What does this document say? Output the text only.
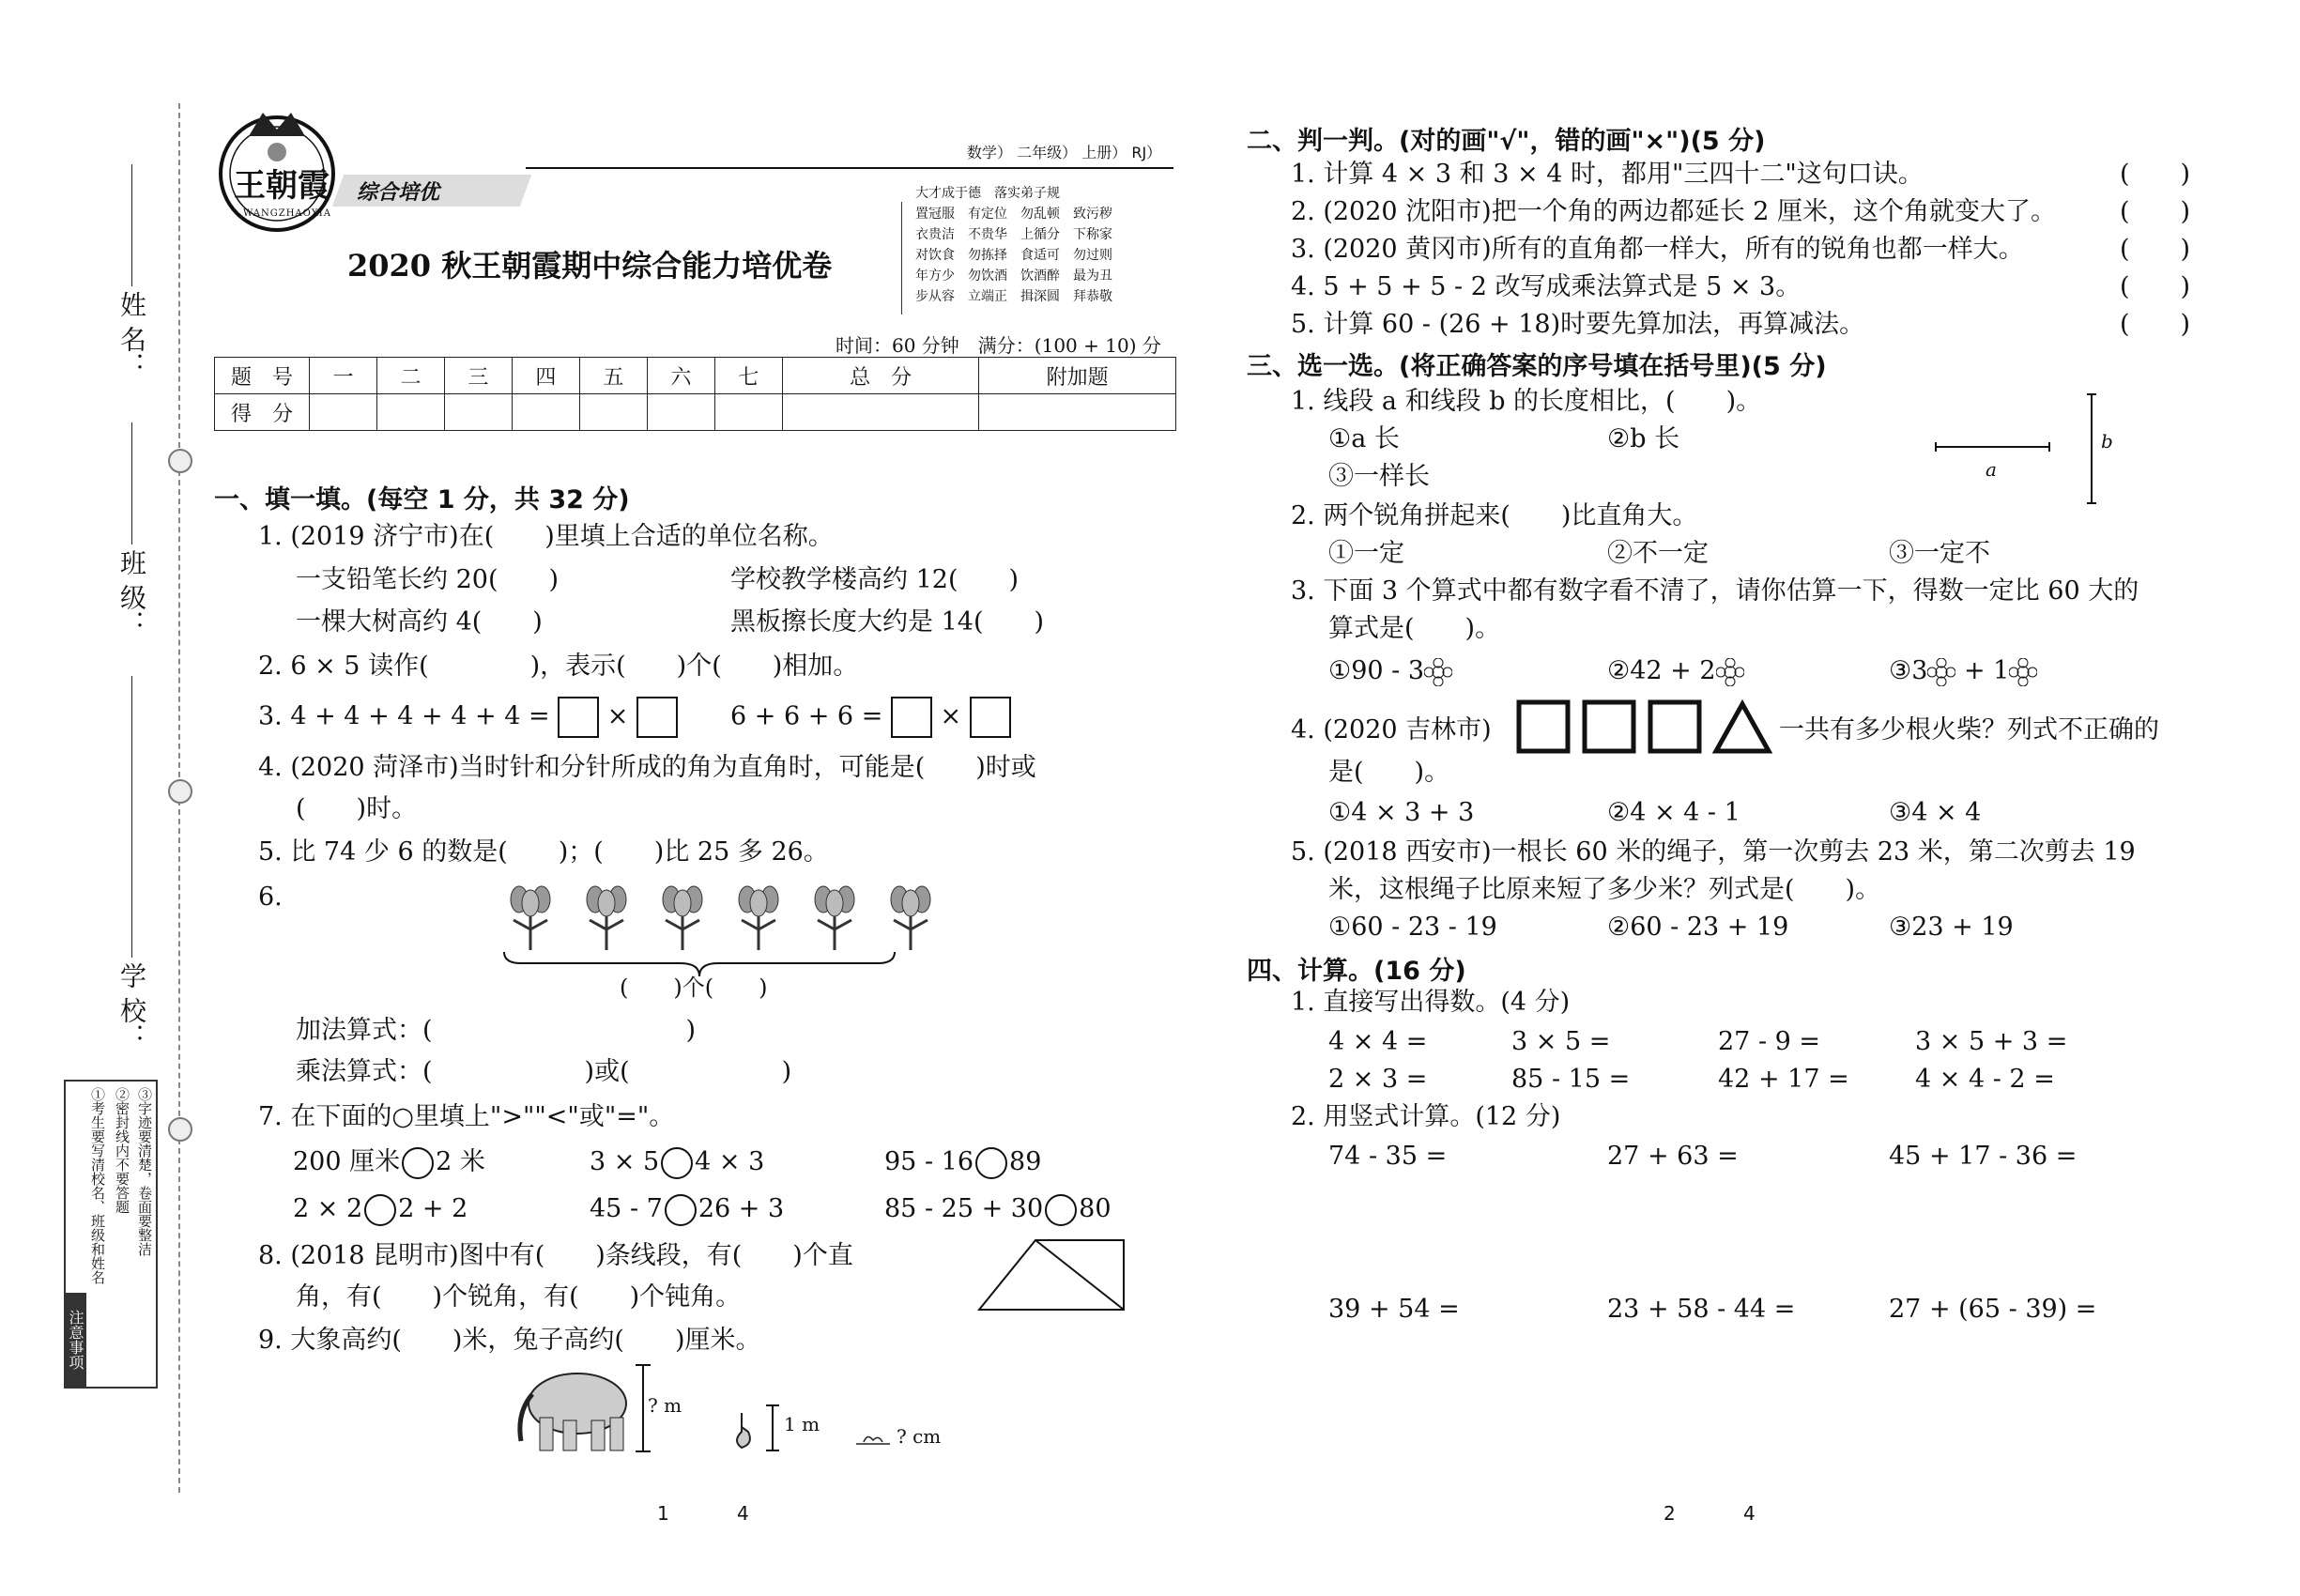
姓 名：
班 级：
学 校：
注意事项
①考生要写清校名、班级和姓名 ②密封线内不要答题 ③字迹要清楚，卷面要整洁
王朝霞
WANGZHAOXIA
综合培优
数学） 二年级） 上册） RJ）
2020 秋王朝霞期中综合能力培优卷
大才成于德　落实弟子规
置冠服　有定位　勿乱顿　致污秽
衣贵洁　不贵华　上循分　下称家
对饮食　勿拣择　食适可　勿过则
年方少　勿饮酒　饮酒醉　最为丑
步从容　立端正　揖深圆　拜恭敬
时间：60 分钟　满分：(100 + 10) 分
题　号	一	二	三	四	五	六	七	总　分	附加题
得　分									
一、填一填。(每空 1 分，共 32 分)
1. (2019 济宁市)在(　　)里填上合适的单位名称。
一支铅笔长约 20(　　)	学校教学楼高约 12(　　)
一棵大树高约 4(　　)	黑板擦长度大约是 14(　　)
2. 6 × 5 读作(　　　　)，表示(　　)个(　　)相加。
3. 4 + 4 + 4 + 4 + 4 = ×	6 + 6 + 6 = ×
4. (2020 菏泽市)当时针和分针所成的角为直角时，可能是(　　)时或
(　　)时。
5. 比 74 少 6 的数是(　　)；(　　)比 25 多 26。
6.

(　　)个(　　)
加法算式：(　　　　　　　　　　)
乘法算式：(　　　　　　)或(　　　　　　)
7. 在下面的○里填上">""<"或"="。
200 厘米 2 米	3 × 5 4 × 3	95 - 16 89
2 × 2 2 + 2	45 - 7 26 + 3	85 - 25 + 30 80
8. (2018 昆明市)图中有(　　)条线段，有(　　)个直
角，有(　　)个锐角，有(　　)个钝角。
9. 大象高约(　　)米，兔子高约(　　)厘米。
? m
1 m
? cm
二、判一判。(对的画"√"，错的画"×")(5 分)
1. 计算 4 × 3 和 3 × 4 时，都用"三四十二"这句口诀。	(　　)
2. (2020 沈阳市)把一个角的两边都延长 2 厘米，这个角就变大了。	(　　)
3. (2020 黄冈市)所有的直角都一样大，所有的锐角也都一样大。	(　　)
4. 5 + 5 + 5 - 2 改写成乘法算式是 5 × 3。	(　　)
5. 计算 60 - (26 + 18)时要先算加法，再算减法。	(　　)
三、选一选。(将正确答案的序号填在括号里)(5 分)
1. 线段 a 和线段 b 的长度相比，(　　)。
①a 长	②b 长
③一样长	a
b
2. 两个锐角拼起来(　　)比直角大。
①一定	②不一定	③一定不
3. 下面 3 个算式中都有数字看不清了，请你估算一下，得数一定比 60 大的
算式是(　　)。
①90 - 3	②42 + 2	③3 + 1
4. (2020 吉林市)	一共有多少根火柴？列式不正确的
是(　　)。
①4 × 3 + 3	②4 × 4 - 1	③4 × 4
5. (2018 西安市)一根长 60 米的绳子，第一次剪去 23 米，第二次剪去 19
米，这根绳子比原来短了多少米？列式是(　　)。
①60 - 23 - 19	②60 - 23 + 19	③23 + 19
四、计算。(16 分)
1. 直接写出得数。(4 分)
4 × 4 =	3 × 5 =	27 - 9 =	3 × 5 + 3 =
2 × 3 =	85 - 15 =	42 + 17 =	4 × 4 - 2 =
2. 用竖式计算。(12 分)
74 - 35 =	27 + 63 =	45 + 17 - 36 =
39 + 54 =	23 + 58 - 44 =	27 + (65 - 39) =
1	4	2	4
